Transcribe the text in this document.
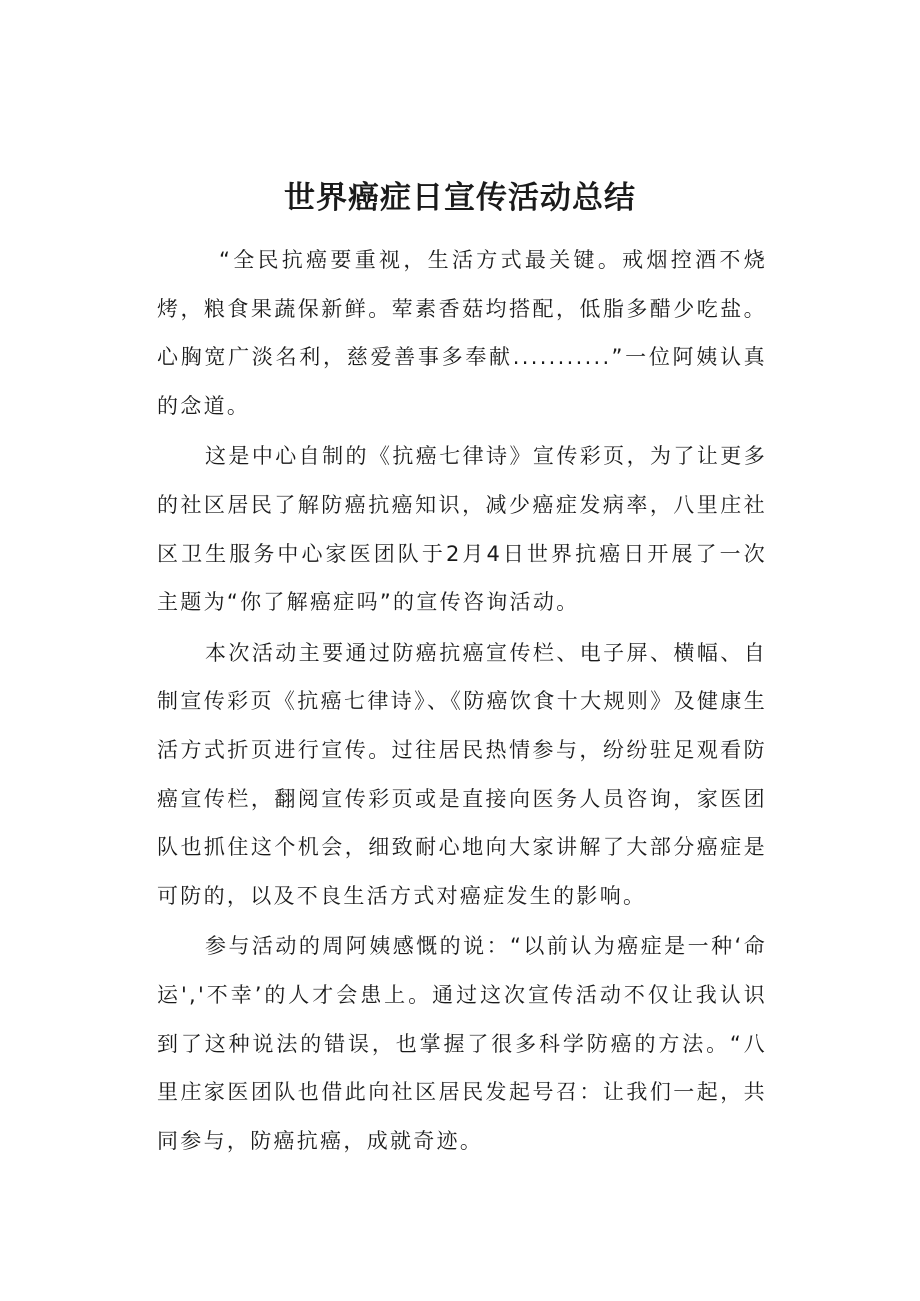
世界癌症日宣传活动总结

“全民抗癌要重视，生活方式最关键。戒烟控酒不烧烤，粮食果蔬保新鲜。荤素香菇均搭配，低脂多醋少吃盐。心胸宽广淡名利，慈爱善事多奉献...........”一位阿姨认真的念道。

这是中心自制的《抗癌七律诗》宣传彩页，为了让更多的社区居民了解防癌抗癌知识，减少癌症发病率，八里庄社区卫生服务中心家医团队于2月4日世界抗癌日开展了一次主题为“你了解癌症吗”的宣传咨询活动。

本次活动主要通过防癌抗癌宣传栏、电子屏、横幅、自制宣传彩页《抗癌七律诗》、《防癌饮食十大规则》及健康生活方式折页进行宣传。过往居民热情参与，纷纷驻足观看防癌宣传栏，翻阅宣传彩页或是直接向医务人员咨询，家医团队也抓住这个机会，细致耐心地向大家讲解了大部分癌症是可防的，以及不良生活方式对癌症发生的影响。

参与活动的周阿姨感慨的说：“以前认为癌症是一种‘命运','不幸’的人才会患上。通过这次宣传活动不仅让我认识到了这种说法的错误，也掌握了很多科学防癌的方法。“八里庄家医团队也借此向社区居民发起号召：让我们一起，共同参与，防癌抗癌，成就奇迹。
